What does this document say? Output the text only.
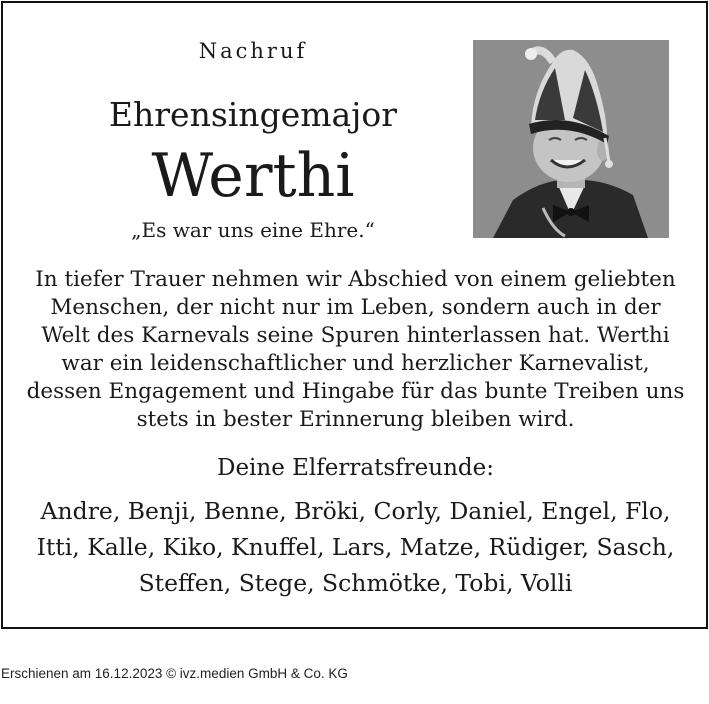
Nachruf
Ehrensingemajor
Werthi
„Es war uns eine Ehre.“
In tiefer Trauer nehmen wir Abschied von einem geliebten Menschen, der nicht nur im Leben, sondern auch in der Welt des Karnevals seine Spuren hinterlassen hat. Werthi war ein leidenschaftlicher und herzlicher Karnevalist, dessen Engagement und Hingabe für das bunte Treiben uns stets in bester Erinnerung bleiben wird.
Deine Elferratsfreunde:
Andre, Benji, Benne, Bröki, Corly, Daniel, Engel, Flo, Itti, Kalle, Kiko, Knuffel, Lars, Matze, Rüdiger, Sasch, Steffen, Stege, Schmötke, Tobi, Volli
Erschienen am 16.12.2023 © ivz.medien GmbH & Co. KG
